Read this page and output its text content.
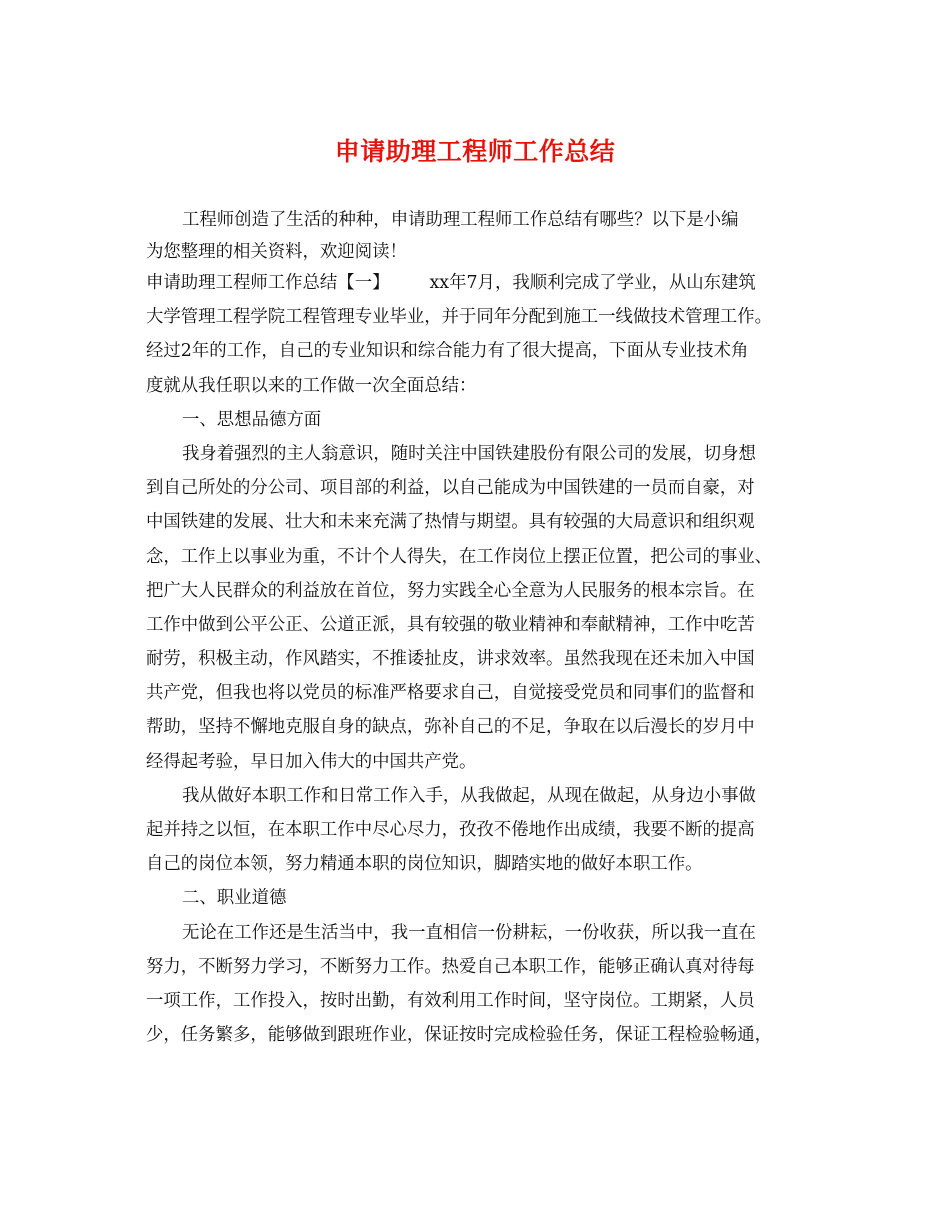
申请助理工程师工作总结
工程师创造了生活的种种，申请助理工程师工作总结有哪些？以下是小编
为您整理的相关资料，欢迎阅读！
申请助理工程师工作总结【一】 xx年7月，我顺利完成了学业，从山东建筑
大学管理工程学院工程管理专业毕业，并于同年分配到施工一线做技术管理工作。
经过2年的工作，自己的专业知识和综合能力有了很大提高，下面从专业技术角
度就从我任职以来的工作做一次全面总结：
一、思想品德方面
我身着强烈的主人翁意识，随时关注中国铁建股份有限公司的发展，切身想
到自己所处的分公司、项目部的利益，以自己能成为中国铁建的一员而自豪，对
中国铁建的发展、壮大和未来充满了热情与期望。具有较强的大局意识和组织观
念，工作上以事业为重，不计个人得失，在工作岗位上摆正位置，把公司的事业、
把广大人民群众的利益放在首位，努力实践全心全意为人民服务的根本宗旨。在
工作中做到公平公正、公道正派，具有较强的敬业精神和奉献精神，工作中吃苦
耐劳，积极主动，作风踏实，不推诿扯皮，讲求效率。虽然我现在还未加入中国
共产党，但我也将以党员的标准严格要求自己，自觉接受党员和同事们的监督和
帮助，坚持不懈地克服自身的缺点，弥补自己的不足，争取在以后漫长的岁月中
经得起考验，早日加入伟大的中国共产党。
我从做好本职工作和日常工作入手，从我做起，从现在做起，从身边小事做
起并持之以恒，在本职工作中尽心尽力，孜孜不倦地作出成绩，我要不断的提高
自己的岗位本领，努力精通本职的岗位知识，脚踏实地的做好本职工作。
二、职业道德
无论在工作还是生活当中，我一直相信一份耕耘，一份收获，所以我一直在
努力，不断努力学习，不断努力工作。热爱自己本职工作，能够正确认真对待每
一项工作，工作投入，按时出勤，有效利用工作时间，坚守岗位。工期紧，人员
少，任务繁多，能够做到跟班作业，保证按时完成检验任务，保证工程检验畅通，
